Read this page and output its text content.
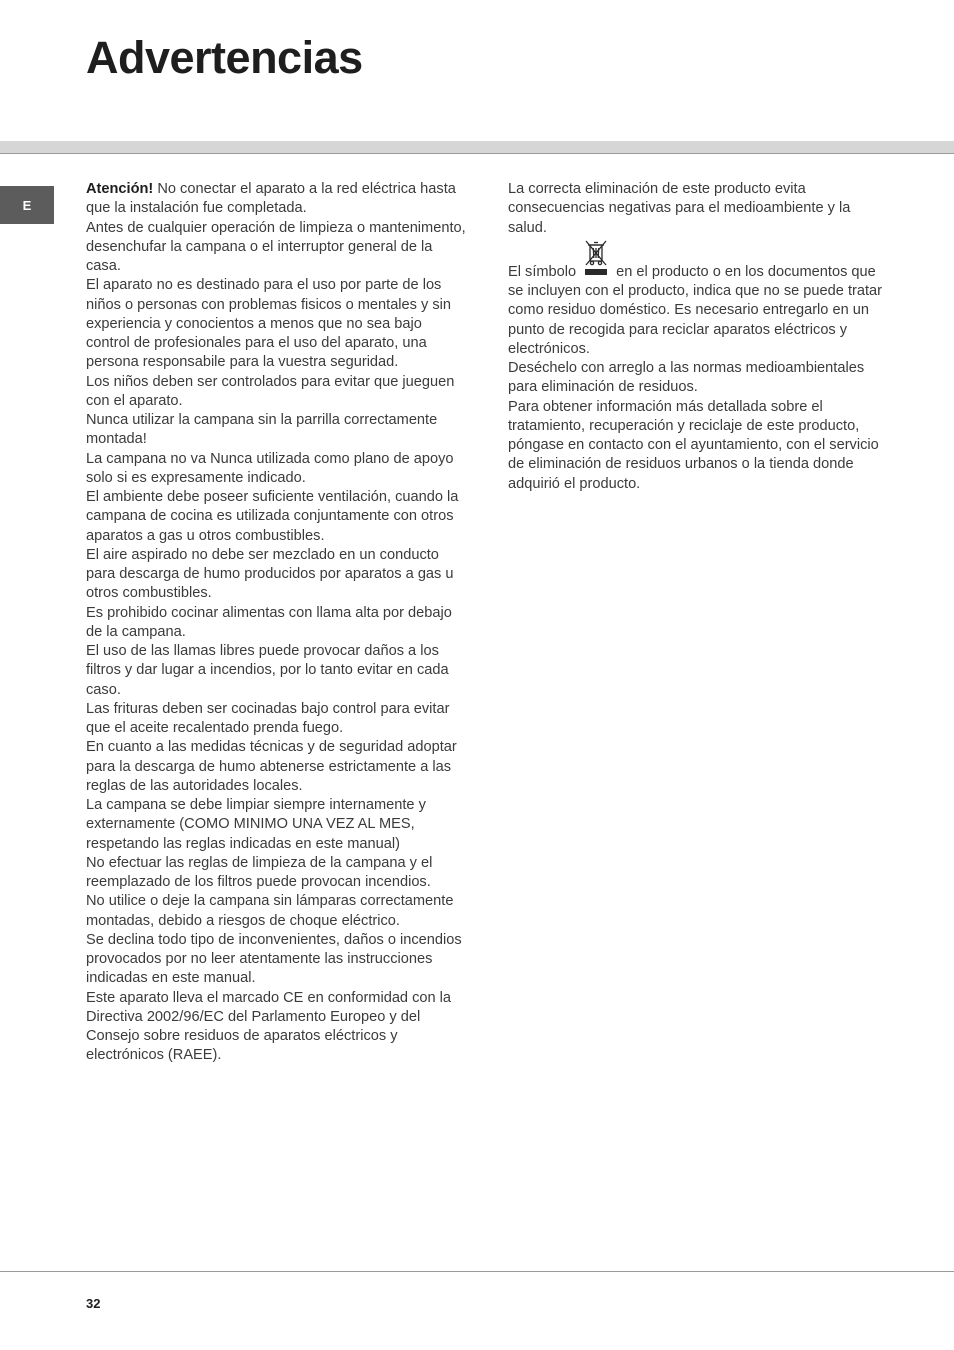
Advertencias
E

Atención! No conectar el aparato a la red eléctrica hasta que la instalación fue completada.

Antes de cualquier operación de limpieza o mantenimento, desenchufar la campana o el interruptor general de la casa.

El aparato no es destinado para el uso por parte de los niños o personas con problemas fisicos o mentales y sin experiencia y conocientos a menos que no sea bajo control de profesionales para el uso del aparato, una persona responsabile para la vuestra seguridad.

Los niños deben ser controlados para evitar que jueguen con el aparato.

Nunca utilizar la campana sin la parrilla correctamente montada!

La campana no va Nunca utilizada como plano de apoyo solo si es expresamente indicado.

El ambiente debe poseer suficiente ventilación, cuando la campana de cocina es utilizada conjuntamente con otros aparatos a gas u otros combustibles.

El aire aspirado no debe ser mezclado en un conducto para descarga de humo producidos por aparatos a gas u otros combustibles.

Es prohibido cocinar alimentas con llama alta por debajo de la campana.

El uso de las llamas libres puede provocar daños a los filtros y dar lugar a incendios, por lo tanto evitar en cada caso.

Las frituras deben ser cocinadas bajo control para evitar que el aceite recalentado prenda fuego.

En cuanto a las medidas técnicas y de seguridad adoptar para la descarga de humo abtenerse estrictamente a las reglas de las autoridades locales.

La campana se debe limpiar siempre internamente y externamente (COMO MINIMO UNA VEZ AL MES, respetando las reglas indicadas en este manual)

No efectuar las reglas de limpieza de la campana y el reemplazado de los filtros puede provocan incendios.

No utilice o deje la campana sin lámparas correctamente montadas, debido a riesgos de choque eléctrico.

Se declina todo tipo de inconvenientes, daños o incendios provocados por no leer atentamente las instrucciones indicadas en este manual.

Este aparato lleva el marcado CE en conformidad con la Directiva 2002/96/EC del Parlamento Europeo y del Consejo sobre residuos de aparatos eléctricos y electrónicos (RAEE).

La correcta eliminación de este producto evita consecuencias negativas para el medioambiente y la salud.

El símbolo	en el producto o en los documentos que se incluyen con el producto, indica que no se puede tratar como residuo doméstico. Es necesario entregarlo en un punto de recogida para reciclar aparatos eléctricos y electrónicos.

Deséchelo con arreglo a las normas medioambientales para eliminación de residuos.

Para obtener información más detallada sobre el tratamiento, recuperación y reciclaje de este producto, póngase en contacto con el ayuntamiento, con el servicio de eliminación de residuos urbanos o la tienda donde adquirió el producto.

32
